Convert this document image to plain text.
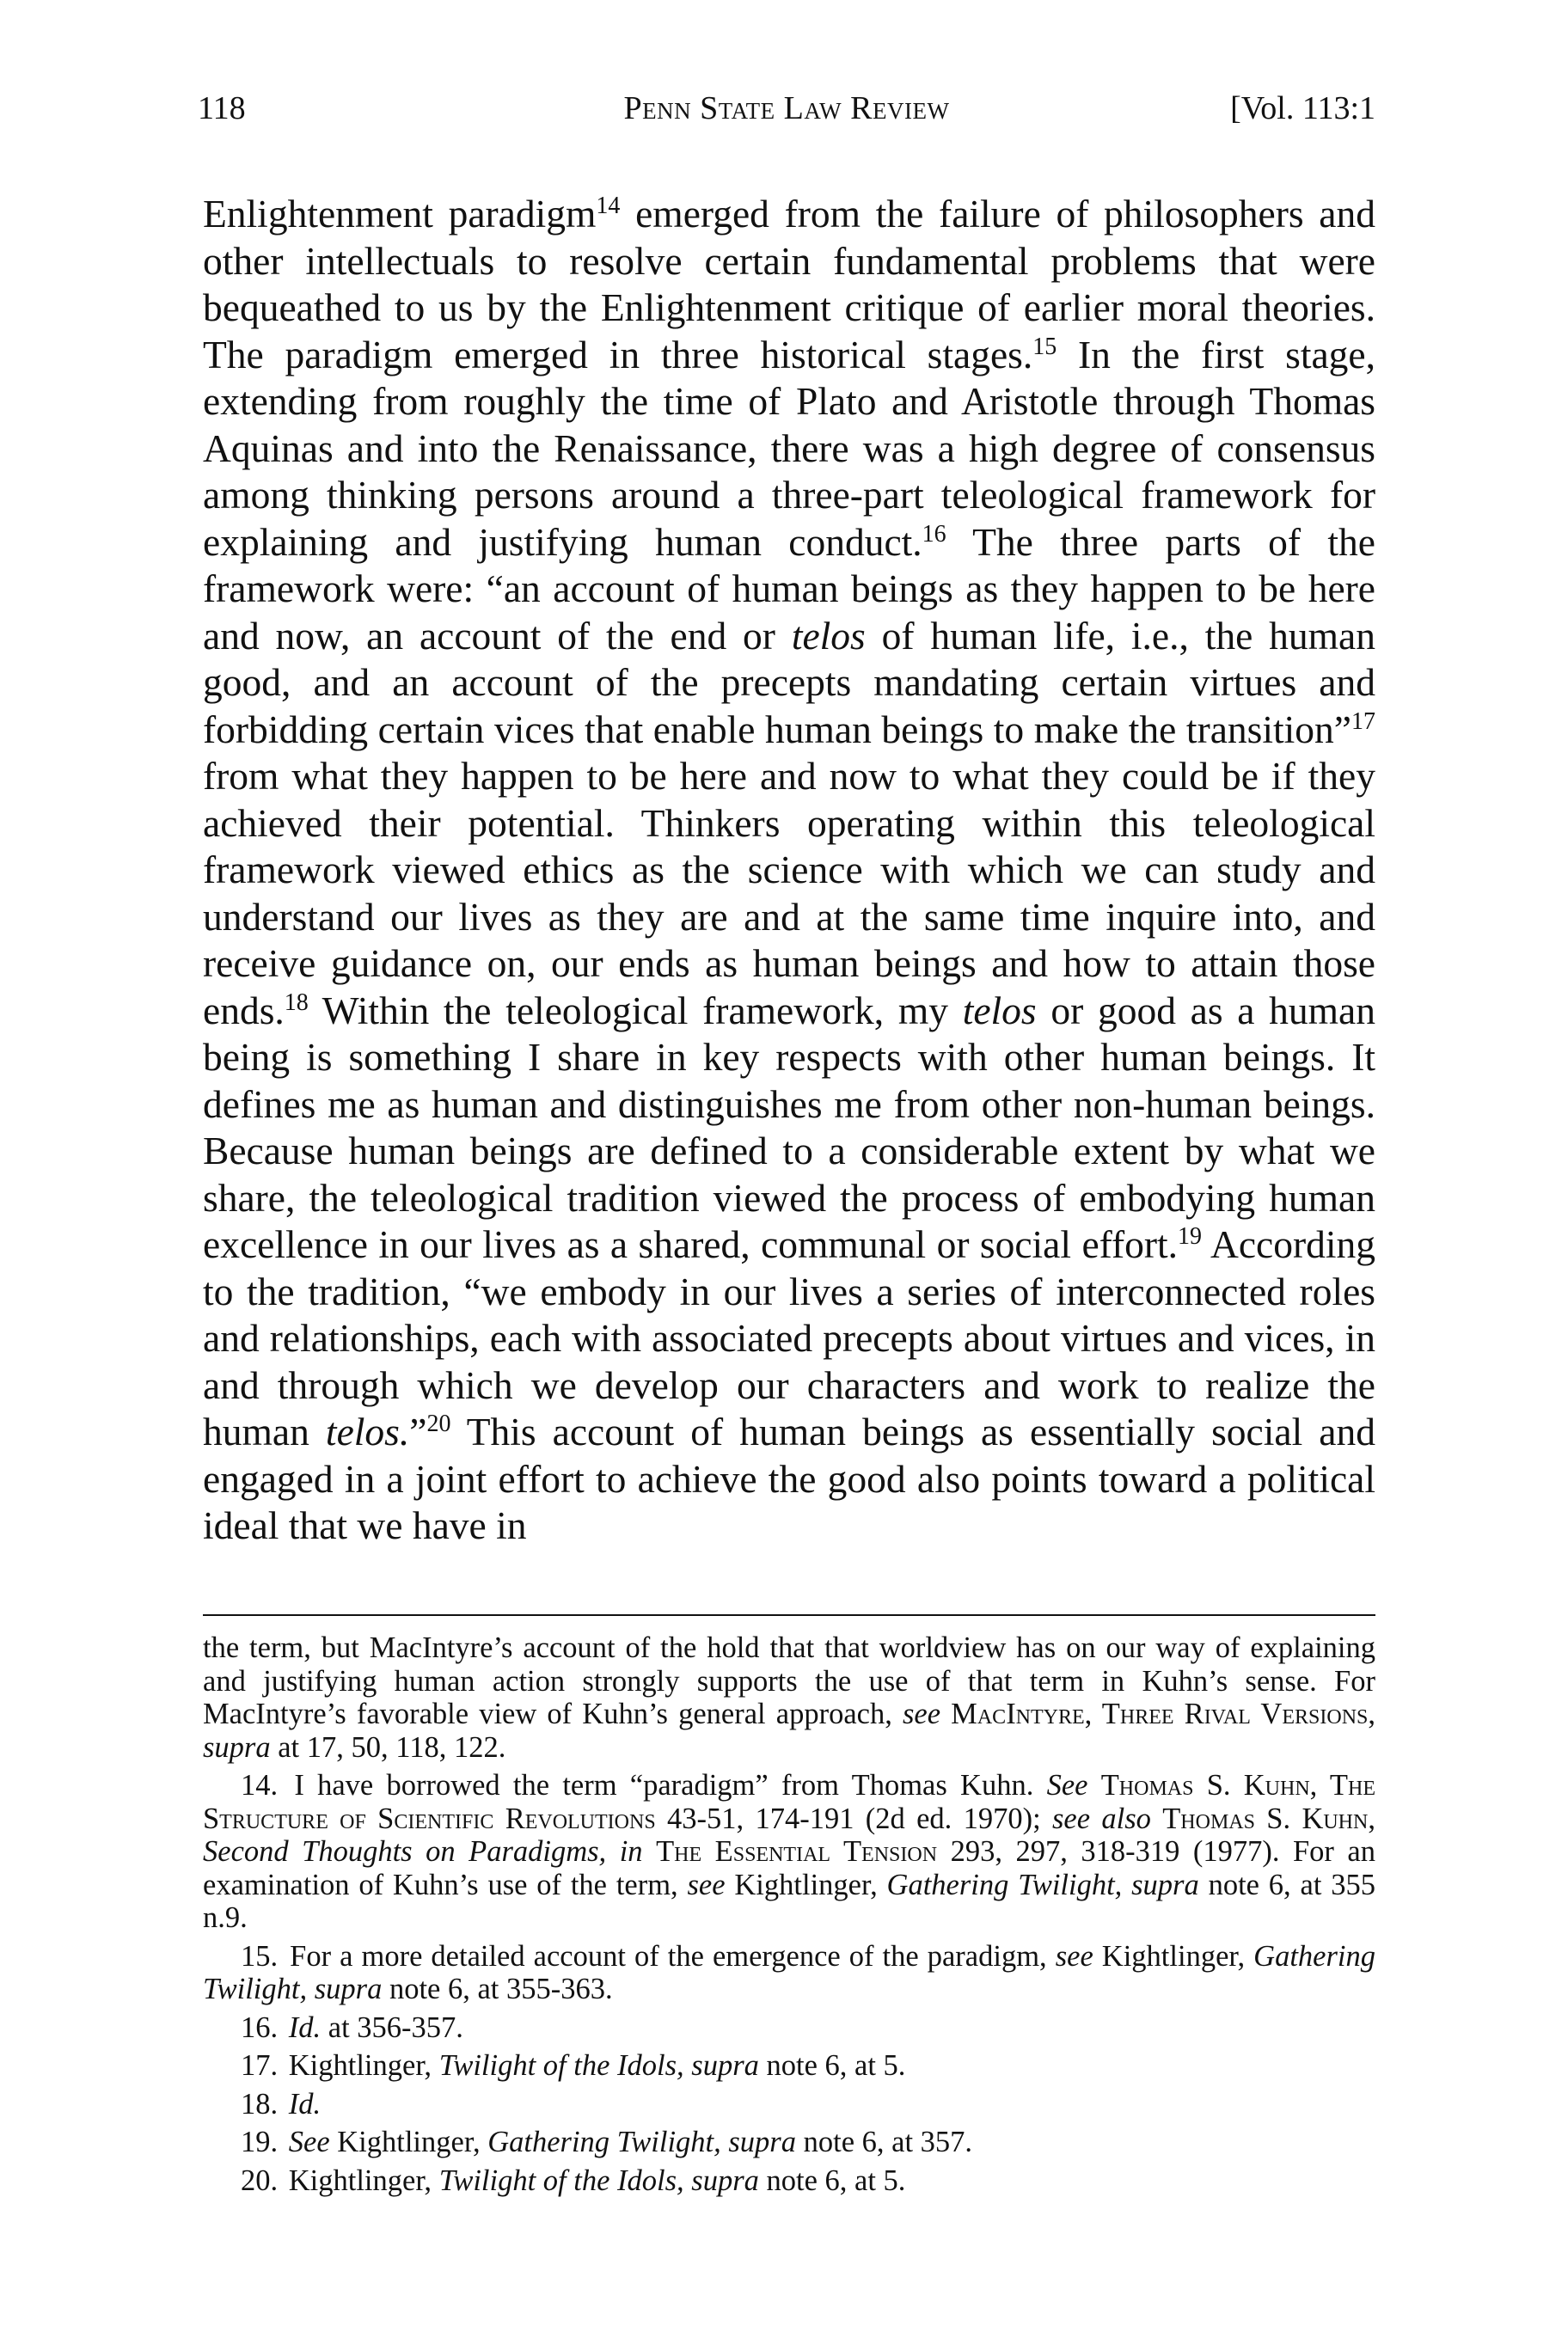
118	Penn State Law Review	[Vol. 113:1

Enlightenment paradigm$^{14}$ emerged from the failure of philosophers and other intellectuals to resolve certain fundamental problems that were bequeathed to us by the Enlightenment critique of earlier moral theories. The paradigm emerged in three historical stages.$^{15}$ In the first stage, extending from roughly the time of Plato and Aristotle through Thomas Aquinas and into the Renaissance, there was a high degree of consensus among thinking persons around a three-part teleological framework for explaining and justifying human conduct.$^{16}$ The three parts of the framework were: “an account of human beings as they happen to be here and now, an account of the end or telos of human life, i.e., the human good, and an account of the precepts mandating certain virtues and forbidding certain vices that enable human beings to make the transition”$^{17}$ from what they happen to be here and now to what they could be if they achieved their potential. Thinkers operating within this teleological framework viewed ethics as the science with which we can study and understand our lives as they are and at the same time inquire into, and receive guidance on, our ends as human beings and how to attain those ends.$^{18}$ Within the teleological framework, my telos or good as a human being is something I share in key respects with other human beings. It defines me as human and distinguishes me from other non-human beings. Because human beings are defined to a considerable extent by what we share, the teleological tradition viewed the process of embodying human excellence in our lives as a shared, communal or social effort.$^{19}$ According to the tradition, “we embody in our lives a series of interconnected roles and relationships, each with associated precepts about virtues and vices, in and through which we develop our characters and work to realize the human telos.”$^{20}$ This account of human beings as essentially social and engaged in a joint effort to achieve the good also points toward a political ideal that we have in

the term, but MacIntyre’s account of the hold that that worldview has on our way of explaining and justifying human action strongly supports the use of that term in Kuhn’s sense. For MacIntyre’s favorable view of Kuhn’s general approach, see MacIntyre, Three Rival Versions, supra at 17, 50, 118, 122.

14. I have borrowed the term “paradigm” from Thomas Kuhn. See Thomas S. Kuhn, The Structure of Scientific Revolutions 43-51, 174-191 (2d ed. 1970); see also Thomas S. Kuhn, Second Thoughts on Paradigms, in The Essential Tension 293, 297, 318-319 (1977). For an examination of Kuhn’s use of the term, see Kightlinger, Gathering Twilight, supra note 6, at 355 n.9.

15. For a more detailed account of the emergence of the paradigm, see Kightlinger, Gathering Twilight, supra note 6, at 355-363.

16. Id. at 356-357.

17. Kightlinger, Twilight of the Idols, supra note 6, at 5.

18. Id.

19. See Kightlinger, Gathering Twilight, supra note 6, at 357.

20. Kightlinger, Twilight of the Idols, supra note 6, at 5.
